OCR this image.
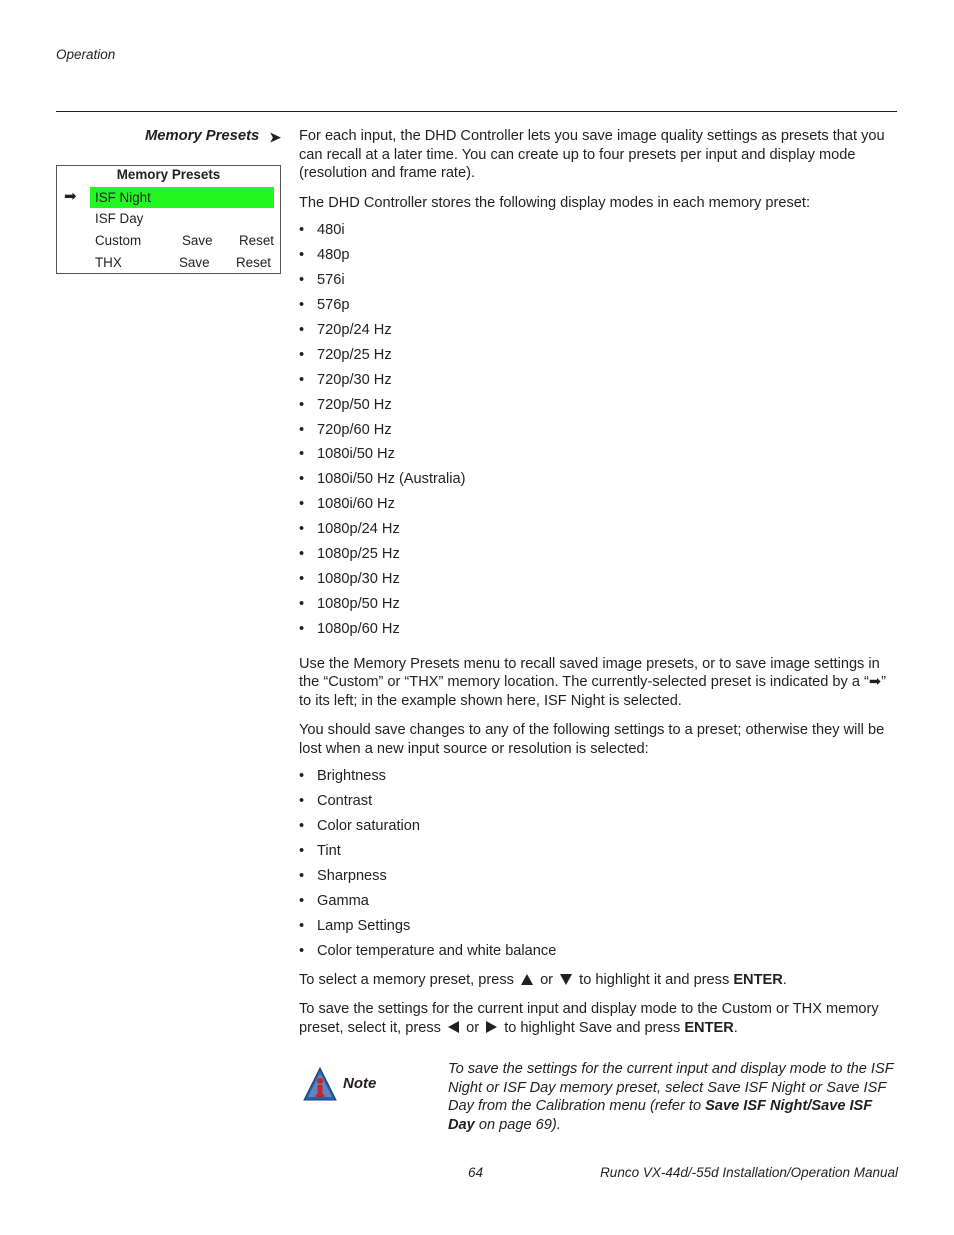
Operation
Memory Presets ➤
Memory Presets
➡ ISF Night
ISF Day
Custom	Save Reset
THX	Save Reset

For each input, the DHD Controller lets you save image quality settings as presets that you can recall at a later time. You can create up to four presets per input and display mode (resolution and frame rate).

The DHD Controller stores the following display modes in each memory preset:

• 480i
• 480p
• 576i
• 576p
• 720p/24 Hz
• 720p/25 Hz
• 720p/30 Hz
• 720p/50 Hz
• 720p/60 Hz
• 1080i/50 Hz
• 1080i/50 Hz (Australia)
• 1080i/60 Hz
• 1080p/24 Hz
• 1080p/25 Hz
• 1080p/30 Hz
• 1080p/50 Hz
• 1080p/60 Hz

Use the Memory Presets menu to recall saved image presets, or to save image settings in the “Custom” or “THX” memory location. The currently-selected preset is indicated by a “➡” to its left; in the example shown here, ISF Night is selected.

You should save changes to any of the following settings to a preset; otherwise they will be lost when a new input source or resolution is selected:

• Brightness
• Contrast
• Color saturation
• Tint
• Sharpness
• Gamma
• Lamp Settings
• Color temperature and white balance

To select a memory preset, press or to highlight it and press ENTER.

To save the settings for the current input and display mode to the Custom or THX memory preset, select it, press or to highlight Save and press ENTER.

Note
To save the settings for the current input and display mode to the ISF Night or ISF Day memory preset, select Save ISF Night or Save ISF Day from the Calibration menu (refer to Save ISF Night/Save ISF Day on page 69).
64	Runco VX-44d/-55d Installation/Operation Manual
